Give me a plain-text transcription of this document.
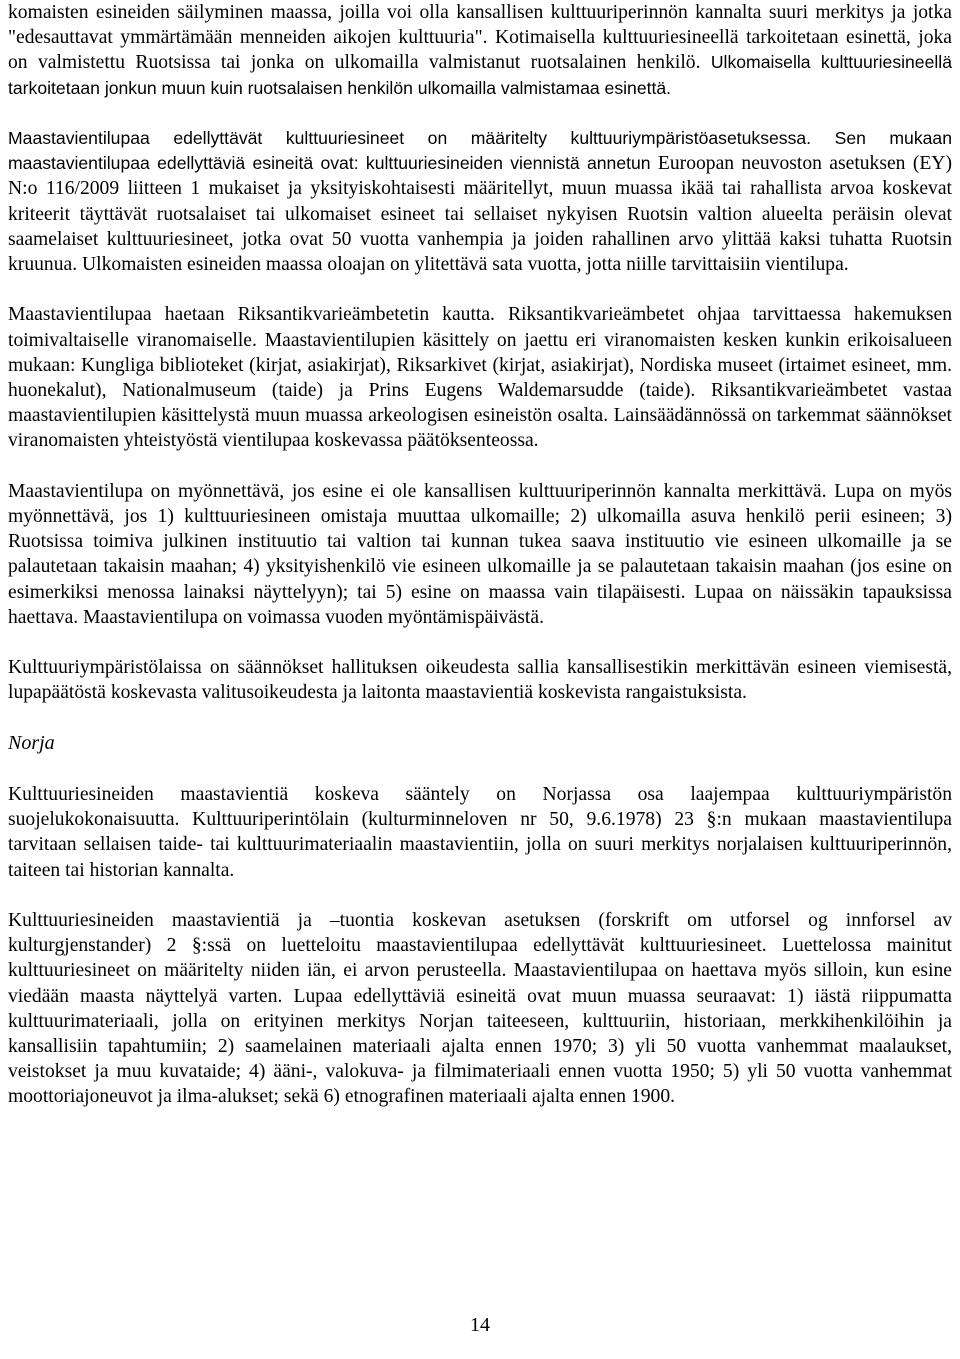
komaisten esineiden säilyminen maassa, joilla voi olla kansallisen kulttuuriperinnön kannalta suuri merkitys ja jotka "edesauttavat ymmärtämään menneiden aikojen kulttuuria". Kotimaisella kulttuuriesineellä tarkoitetaan esinettä, joka on valmistettu Ruotsissa tai jonka on ulkomailla valmistanut ruotsalainen henkilö. Ulkomaisella kulttuuriesineellä tarkoitetaan jonkun muun kuin ruotsalaisen henkilön ulkomailla valmistamaa esinettä.

Maastavientilupaa edellyttävät kulttuuriesineet on määritelty kulttuuriympäristöasetuksessa. Sen mukaan maastavientilupaa edellyttäviä esineitä ovat: kulttuuriesineiden viennistä annetun Euroopan neuvoston asetuksen (EY) N:o 116/2009 liitteen 1 mukaiset ja yksityiskohtaisesti määritellyt, muun muassa ikää tai rahallista arvoa koskevat kriteerit täyttävät ruotsalaiset tai ulkomaiset esineet tai sellaiset nykyisen Ruotsin valtion alueelta peräisin olevat saamelaiset kulttuuriesineet, jotka ovat 50 vuotta vanhempia ja joiden rahallinen arvo ylittää kaksi tuhatta Ruotsin kruunua. Ulkomaisten esineiden maassa oloajan on ylitettävä sata vuotta, jotta niille tarvittaisiin vientilupa.

Maastavientilupaa haetaan Riksantikvarieämbetetin kautta. Riksantikvarieämbetet ohjaa tarvittaessa hakemuksen toimivaltaiselle viranomaiselle. Maastavientilupien käsittely on jaettu eri viranomaisten kesken kunkin erikoisalueen mukaan: Kungliga biblioteket (kirjat, asiakirjat), Riksarkivet (kirjat, asiakirjat), Nordiska museet (irtaimet esineet, mm. huonekalut), Nationalmuseum (taide) ja Prins Eugens Waldemarsudde (taide). Riksantikvarieämbetet vastaa maastavientilupien käsittelystä muun muassa arkeologisen esineistön osalta. Lainsäädännössä on tarkemmat säännökset viranomaisten yhteistyöstä vientilupaa koskevassa päätöksenteossa.

Maastavientilupa on myönnettävä, jos esine ei ole kansallisen kulttuuriperinnön kannalta merkittävä. Lupa on myös myönnettävä, jos 1) kulttuuriesineen omistaja muuttaa ulkomaille; 2) ulkomailla asuva henkilö perii esineen; 3) Ruotsissa toimiva julkinen instituutio tai valtion tai kunnan tukea saava instituutio vie esineen ulkomaille ja se palautetaan takaisin maahan; 4) yksityishenkilö vie esineen ulkomaille ja se palautetaan takaisin maahan (jos esine on esimerkiksi menossa lainaksi näyttelyyn); tai 5) esine on maassa vain tilapäisesti. Lupaa on näissäkin tapauksissa haettava. Maastavientilupa on voimassa vuoden myöntämispäivästä.

Kulttuuriympäristölaissa on säännökset hallituksen oikeudesta sallia kansallisestikin merkittävän esineen viemisestä, lupapäätöstä koskevasta valitusoikeudesta ja laitonta maastavientiä koskevista rangaistuksista.

Norja

Kulttuuriesineiden maastavientiä koskeva sääntely on Norjassa osa laajempaa kulttuuriympäristön suojelukokonaisuutta. Kulttuuriperintölain (kulturminneloven nr 50, 9.6.1978) 23 §:n mukaan maastavientilupa tarvitaan sellaisen taide- tai kulttuurimateriaalin maastavientiin, jolla on suuri merkitys norjalaisen kulttuuriperinnön, taiteen tai historian kannalta.

Kulttuuriesineiden maastavientiä ja –tuontia koskevan asetuksen (forskrift om utforsel og innforsel av kulturgjenstander) 2 §:ssä on luetteloitu maastavientilupaa edellyttävät kulttuuriesineet. Luettelossa mainitut kulttuuriesineet on määritelty niiden iän, ei arvon perusteella. Maastavientilupaa on haettava myös silloin, kun esine viedään maasta näyttelyä varten. Lupaa edellyttäviä esineitä ovat muun muassa seuraavat: 1) iästä riippumatta kulttuurimateriaali, jolla on erityinen merkitys Norjan taiteeseen, kulttuuriin, historiaan, merkkihenkilöihin ja kansallisiin tapahtumiin; 2) saamelainen materiaali ajalta ennen 1970; 3) yli 50 vuotta vanhemmat maalaukset, veistokset ja muu kuvataide; 4) ääni-, valokuva- ja filmimateriaali ennen vuotta 1950; 5) yli 50 vuotta vanhemmat moottoriajoneuvot ja ilma-alukset; sekä 6) etnografinen materiaali ajalta ennen 1900.

14
